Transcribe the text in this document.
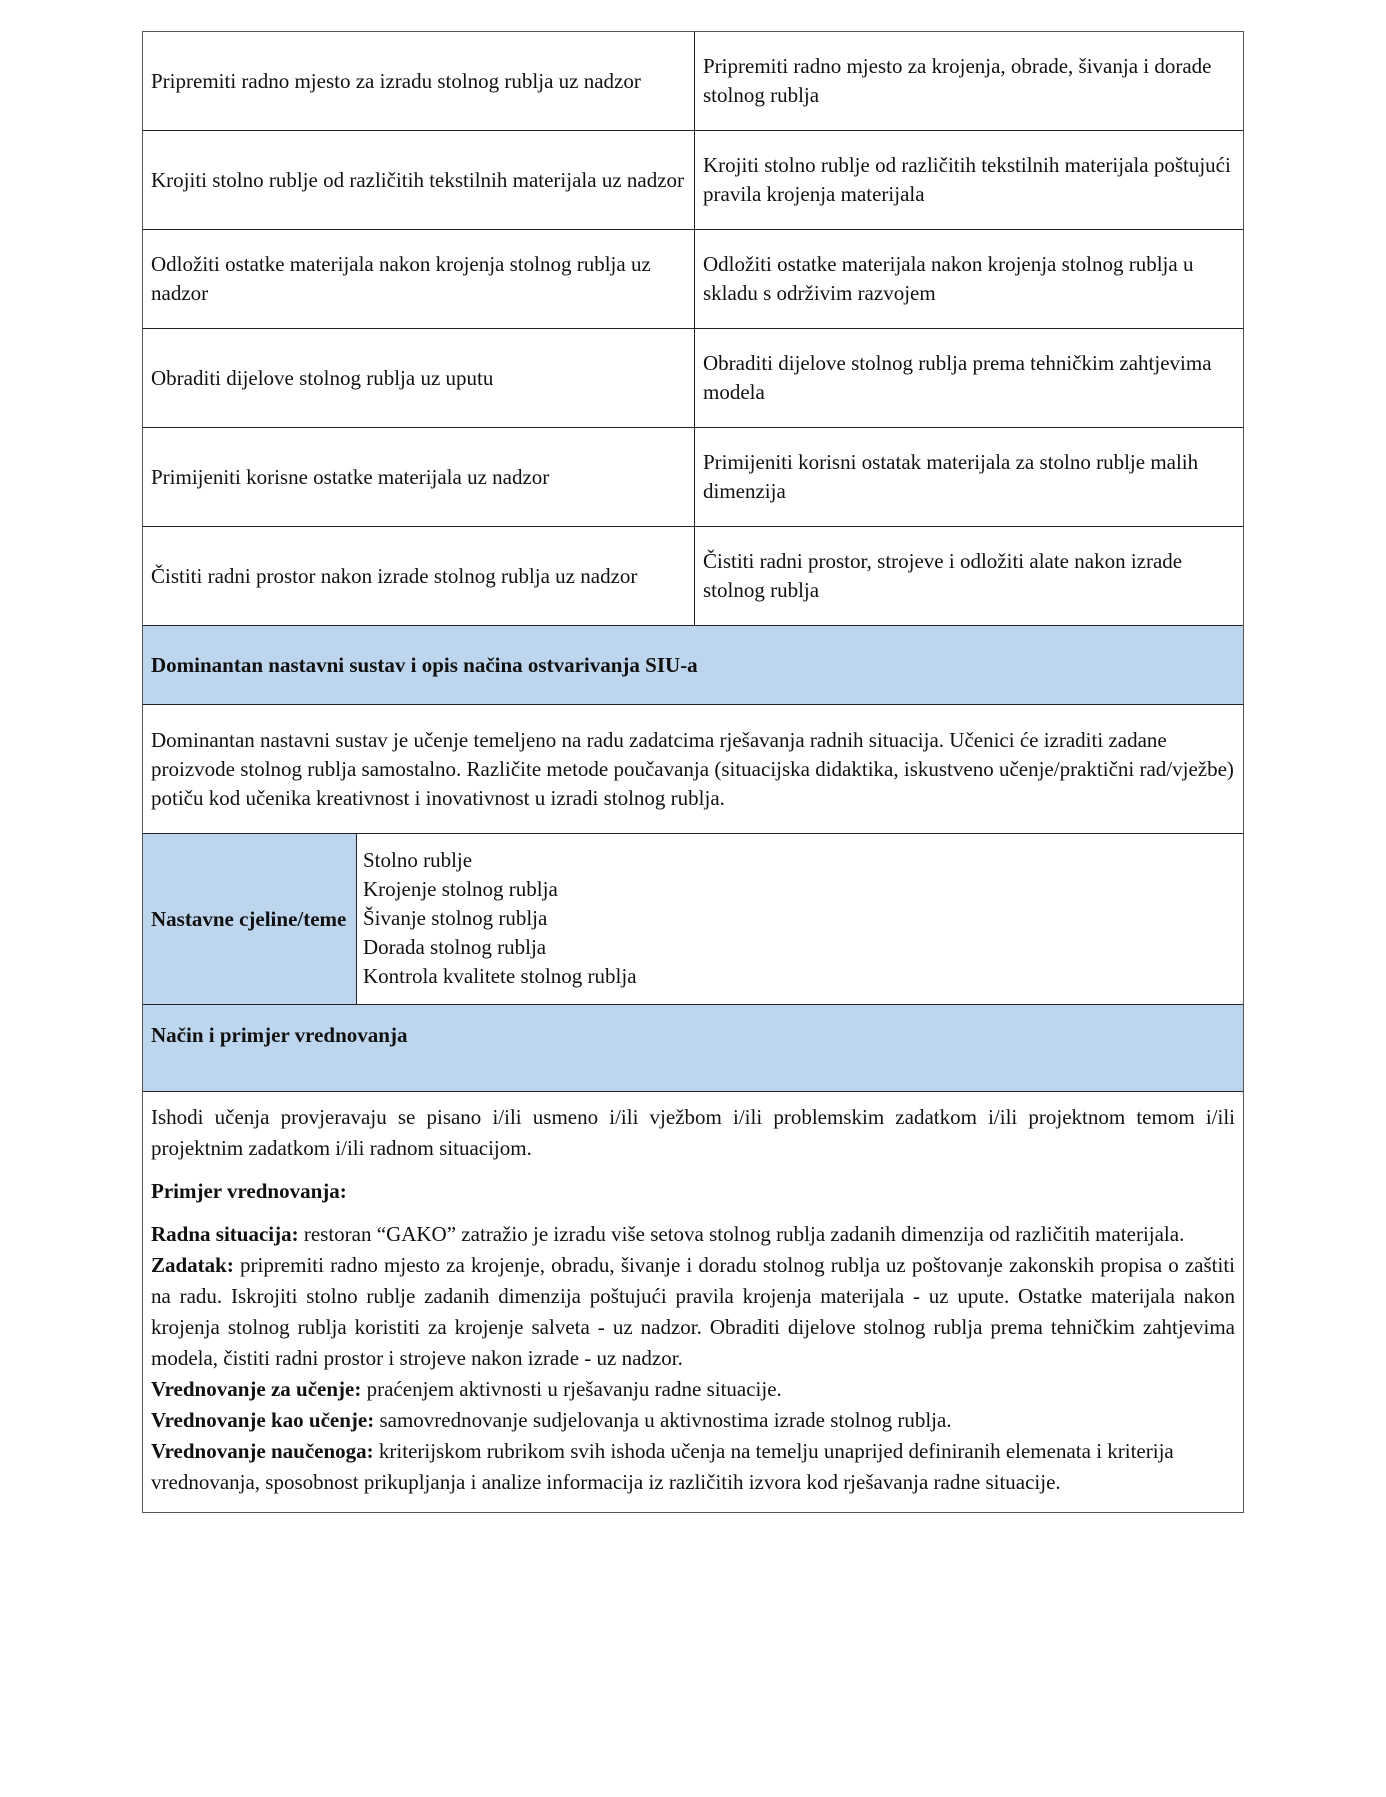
Pripremiti radno mjesto za izradu stolnog rublja uz nadzor
Pripremiti radno mjesto za krojenja, obrade, šivanja i dorade stolnog rublja
Krojiti stolno rublje od različitih tekstilnih materijala uz nadzor
Krojiti stolno rublje od različitih tekstilnih materijala poštujući pravila krojenja materijala
Odložiti ostatke materijala nakon krojenja stolnog rublja uz nadzor
Odložiti ostatke materijala nakon krojenja stolnog rublja u skladu s održivim razvojem
Obraditi dijelove stolnog rublja uz uputu
Obraditi dijelove stolnog rublja prema tehničkim zahtjevima modela
Primijeniti korisne ostatke materijala uz nadzor
Primijeniti korisni ostatak materijala za stolno rublje malih dimenzija
Čistiti radni prostor nakon izrade stolnog rublja uz nadzor
Čistiti radni prostor, strojeve i odložiti alate nakon izrade stolnog rublja
Dominantan nastavni sustav i opis načina ostvarivanja SIU-a
Dominantan nastavni sustav je učenje temeljeno na radu zadatcima rješavanja radnih situacija. Učenici će izraditi zadane proizvode stolnog rublja samostalno. Različite metode poučavanja (situacijska didaktika, iskustveno učenje/praktični rad/vježbe) potiču kod učenika kreativnost i inovativnost u izradi stolnog rublja.
Nastavne cjeline/teme
Stolno rublje
Krojenje stolnog rublja
Šivanje stolnog rublja
Dorada stolnog rublja
Kontrola kvalitete stolnog rublja
Način i primjer vrednovanja

Ishodi učenja provjeravaju se pisano i/ili usmeno i/ili vježbom i/ili problemskim zadatkom i/ili projektnom temom i/ili projektnim zadatkom i/ili radnom situacijom.

Primjer vrednovanja:

Radna situacija: restoran “GAKO” zatražio je izradu više setova stolnog rublja zadanih dimenzija od različitih materijala.

Zadatak: pripremiti radno mjesto za krojenje, obradu, šivanje i doradu stolnog rublja uz poštovanje zakonskih propisa o zaštiti na radu. Iskrojiti stolno rublje zadanih dimenzija poštujući pravila krojenja materijala - uz upute. Ostatke materijala nakon krojenja stolnog rublja koristiti za krojenje salveta - uz nadzor. Obraditi dijelove stolnog rublja prema tehničkim zahtjevima modela, čistiti radni prostor i strojeve nakon izrade - uz nadzor.

Vrednovanje za učenje: praćenjem aktivnosti u rješavanju radne situacije.

Vrednovanje kao učenje: samovrednovanje sudjelovanja u aktivnostima izrade stolnog rublja.

Vrednovanje naučenoga: kriterijskom rubrikom svih ishoda učenja na temelju unaprijed definiranih elemenata i kriterija vrednovanja, sposobnost prikupljanja i analize informacija iz različitih izvora kod rješavanja radne situacije.
